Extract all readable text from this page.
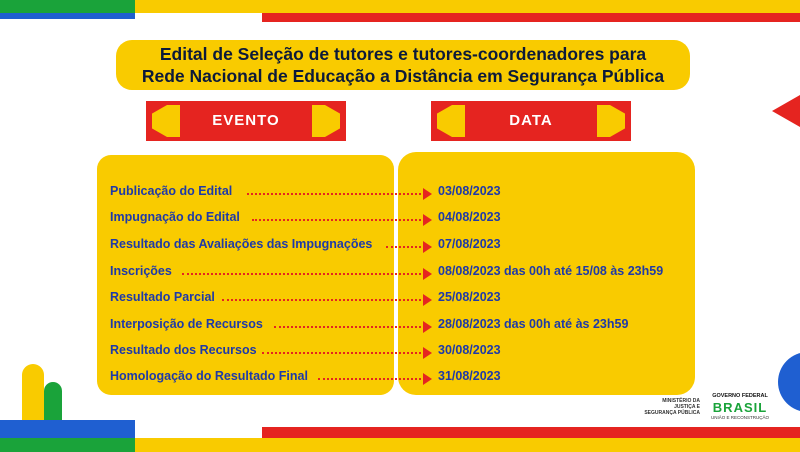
Edital de Seleção de tutores e tutores-coordenadores para
Rede Nacional de Educação a Distância em Segurança Pública
EVENTO	DATA
Publicação do Edital	03/08/2023
Impugnação do Edital	04/08/2023
Resultado das Avaliações das Impugnações	07/08/2023
Inscrições	08/08/2023 das 00h até 15/08 às 23h59
Resultado Parcial	25/08/2023
Interposição de Recursos	28/08/2023 das 00h até às 23h59
Resultado dos Recursos	30/08/2023
Homologação do Resultado Final	31/08/2023
MINISTÉRIO DA
JUSTIÇA E
SEGURANÇA PÚBLICA
GOVERNO FEDERAL
BRASIL
UNIÃO E RECONSTRUÇÃO
